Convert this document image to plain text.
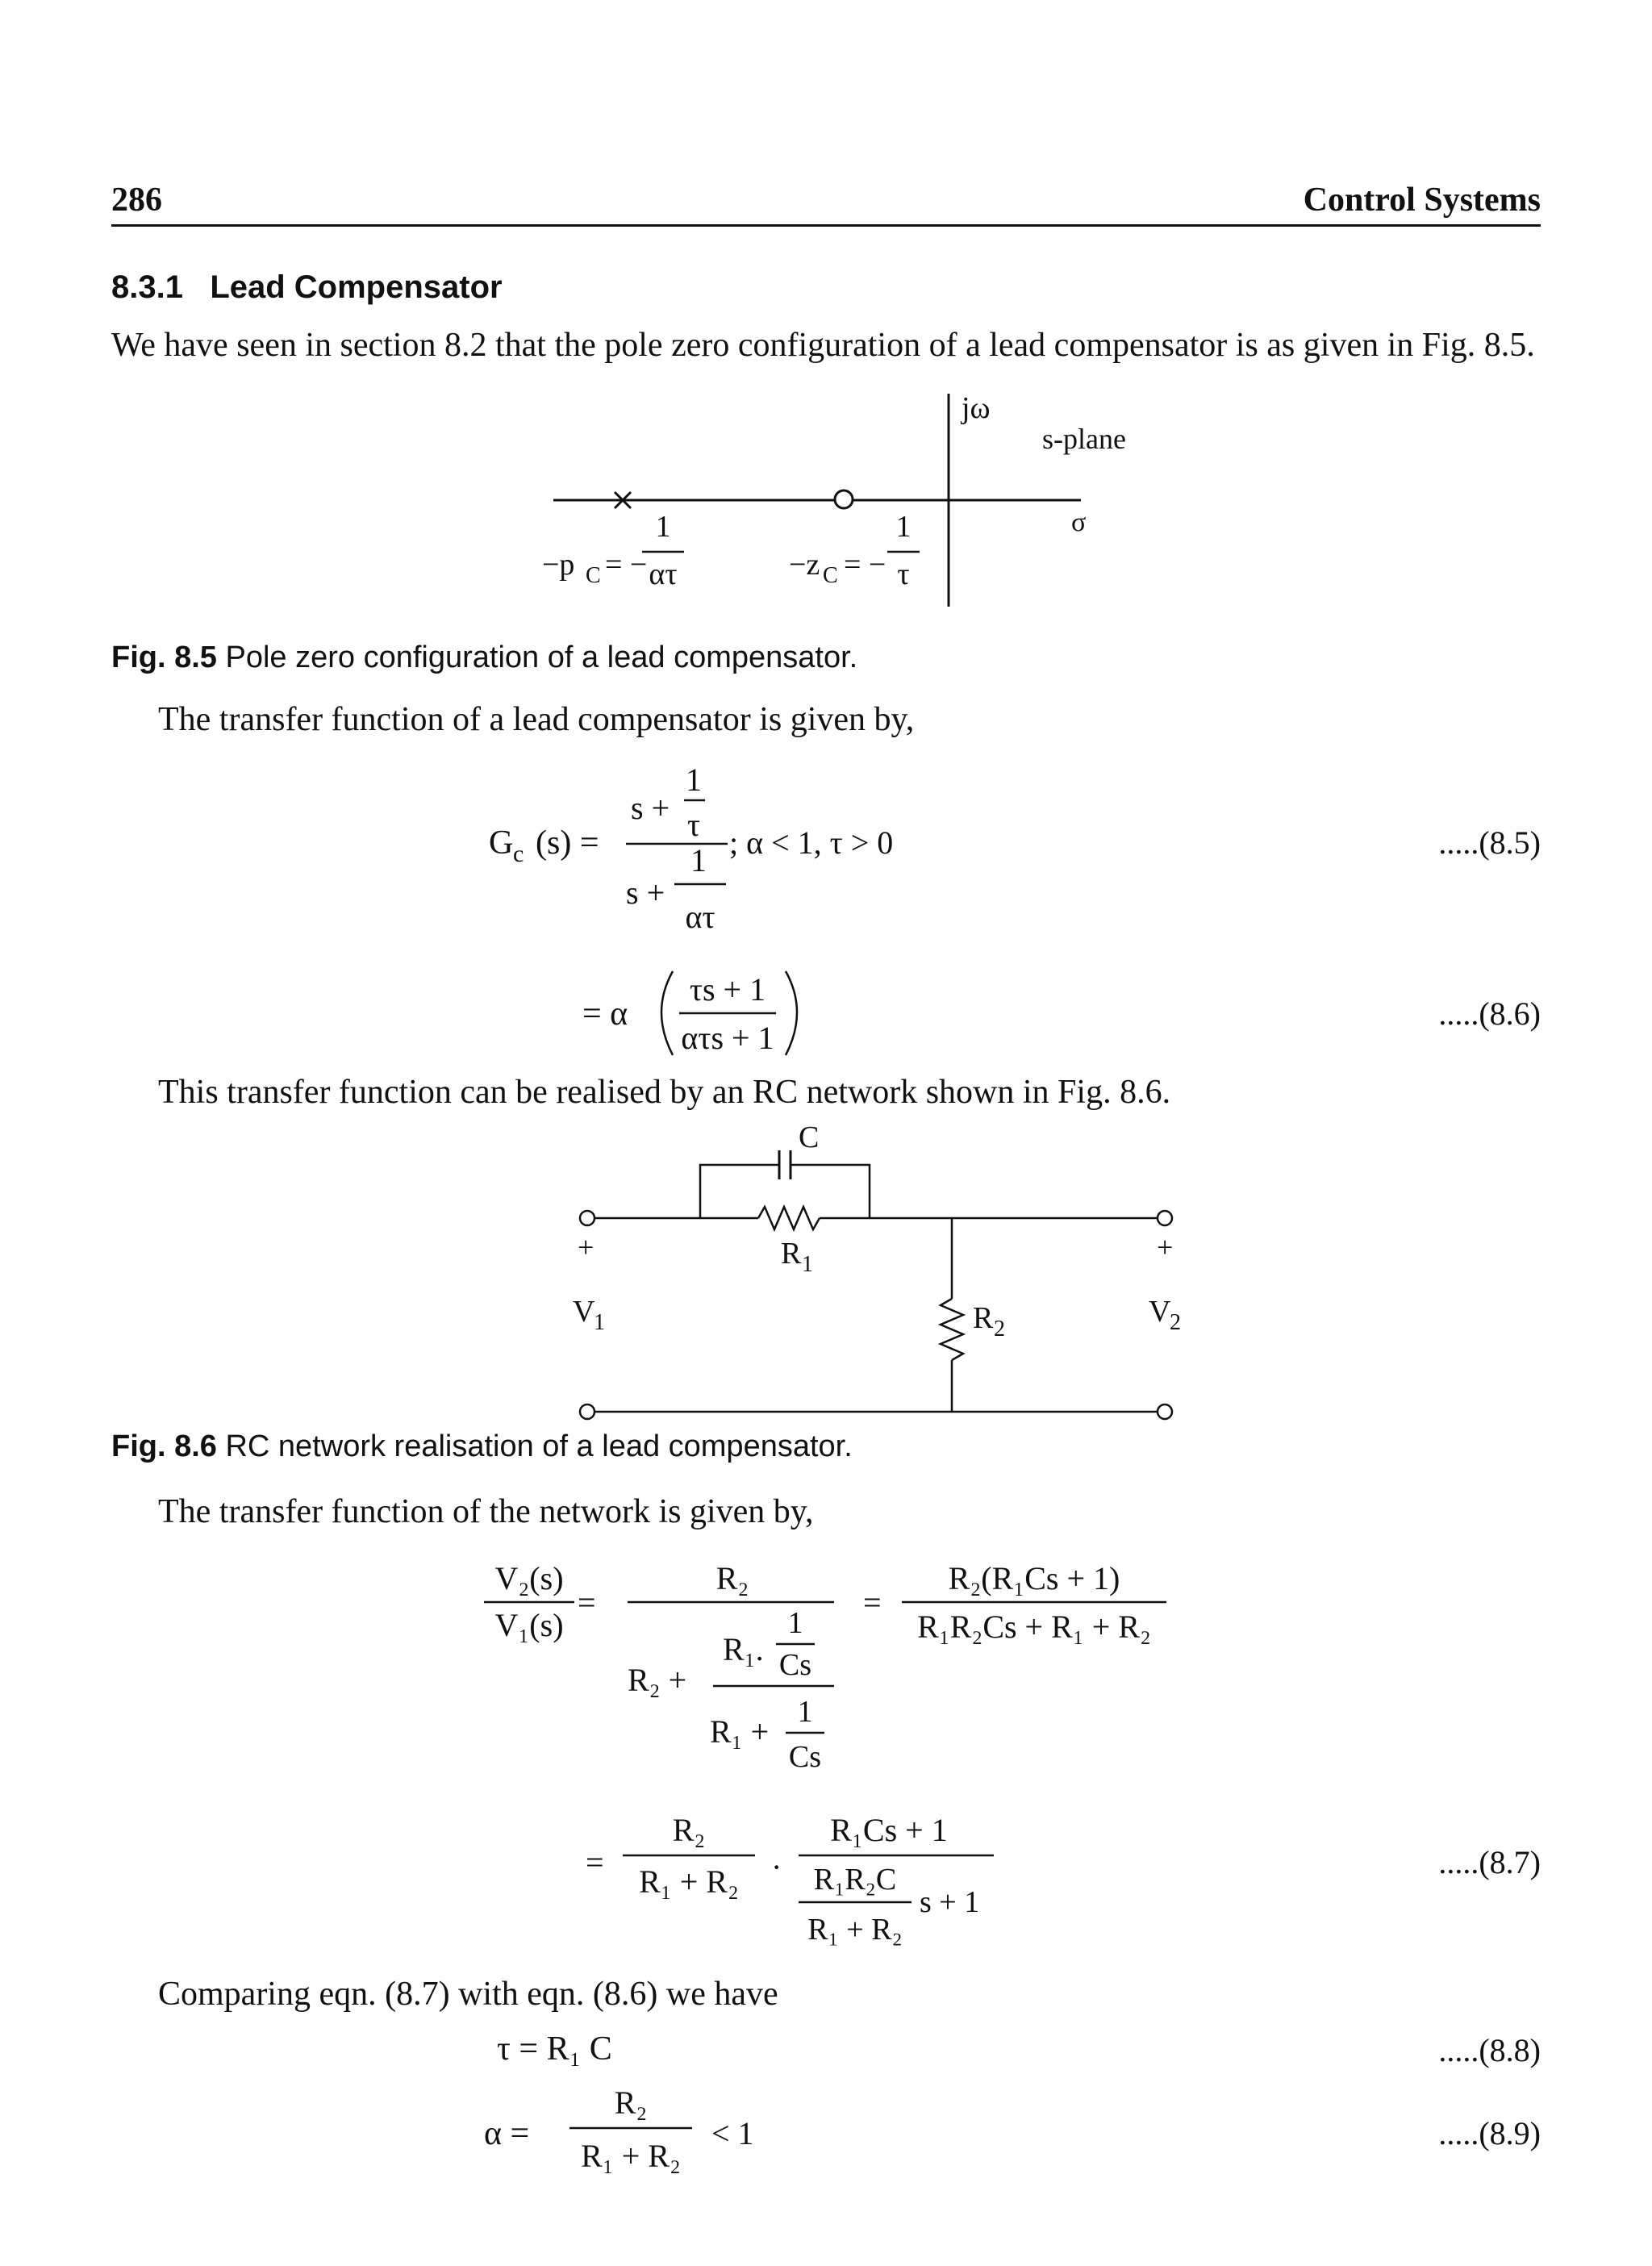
286	Control Systems
8.3.1 Lead Compensator
We have seen in section 8.2 that the pole zero configuration of a lead compensator is as given in Fig. 8.5.
jω
s-plane
σ
−p C = −
1
ατ	−z C = −
1
τ
Fig. 8.5 Pole zero configuration of a lead compensator.
The transfer function of a lead compensator is given by,
G c (s) =
s +
1
τ
s +
1
ατ
; α < 1, τ > 0	.....(8.5)
= α
τs + 1
ατs + 1
.....(8.6)
This transfer function can be realised by an RC network shown in Fig. 8.6.
C
R 1
R 2
+	+
V
1	V
2
Fig. 8.6 RC network realisation of a lead compensator.
The transfer function of the network is given by,
V₂(s)
V₁(s)
=
R₂
R₂ +
R₁.
1
Cs
R₁ +
1
Cs
=
R₂(R₁Cs + 1)
R₁R₂Cs + R₁ + R₂
=
R₂
R₁ + R₂ ·
R₁Cs + 1
R₁R₂C
R₁ + R₂
s + 1
.....(8.7)
Comparing eqn. (8.7) with eqn. (8.6) we have
τ = R₁ C	.....(8.8)
α =
R₂
R₁ + R₂
< 1	.....(8.9)
